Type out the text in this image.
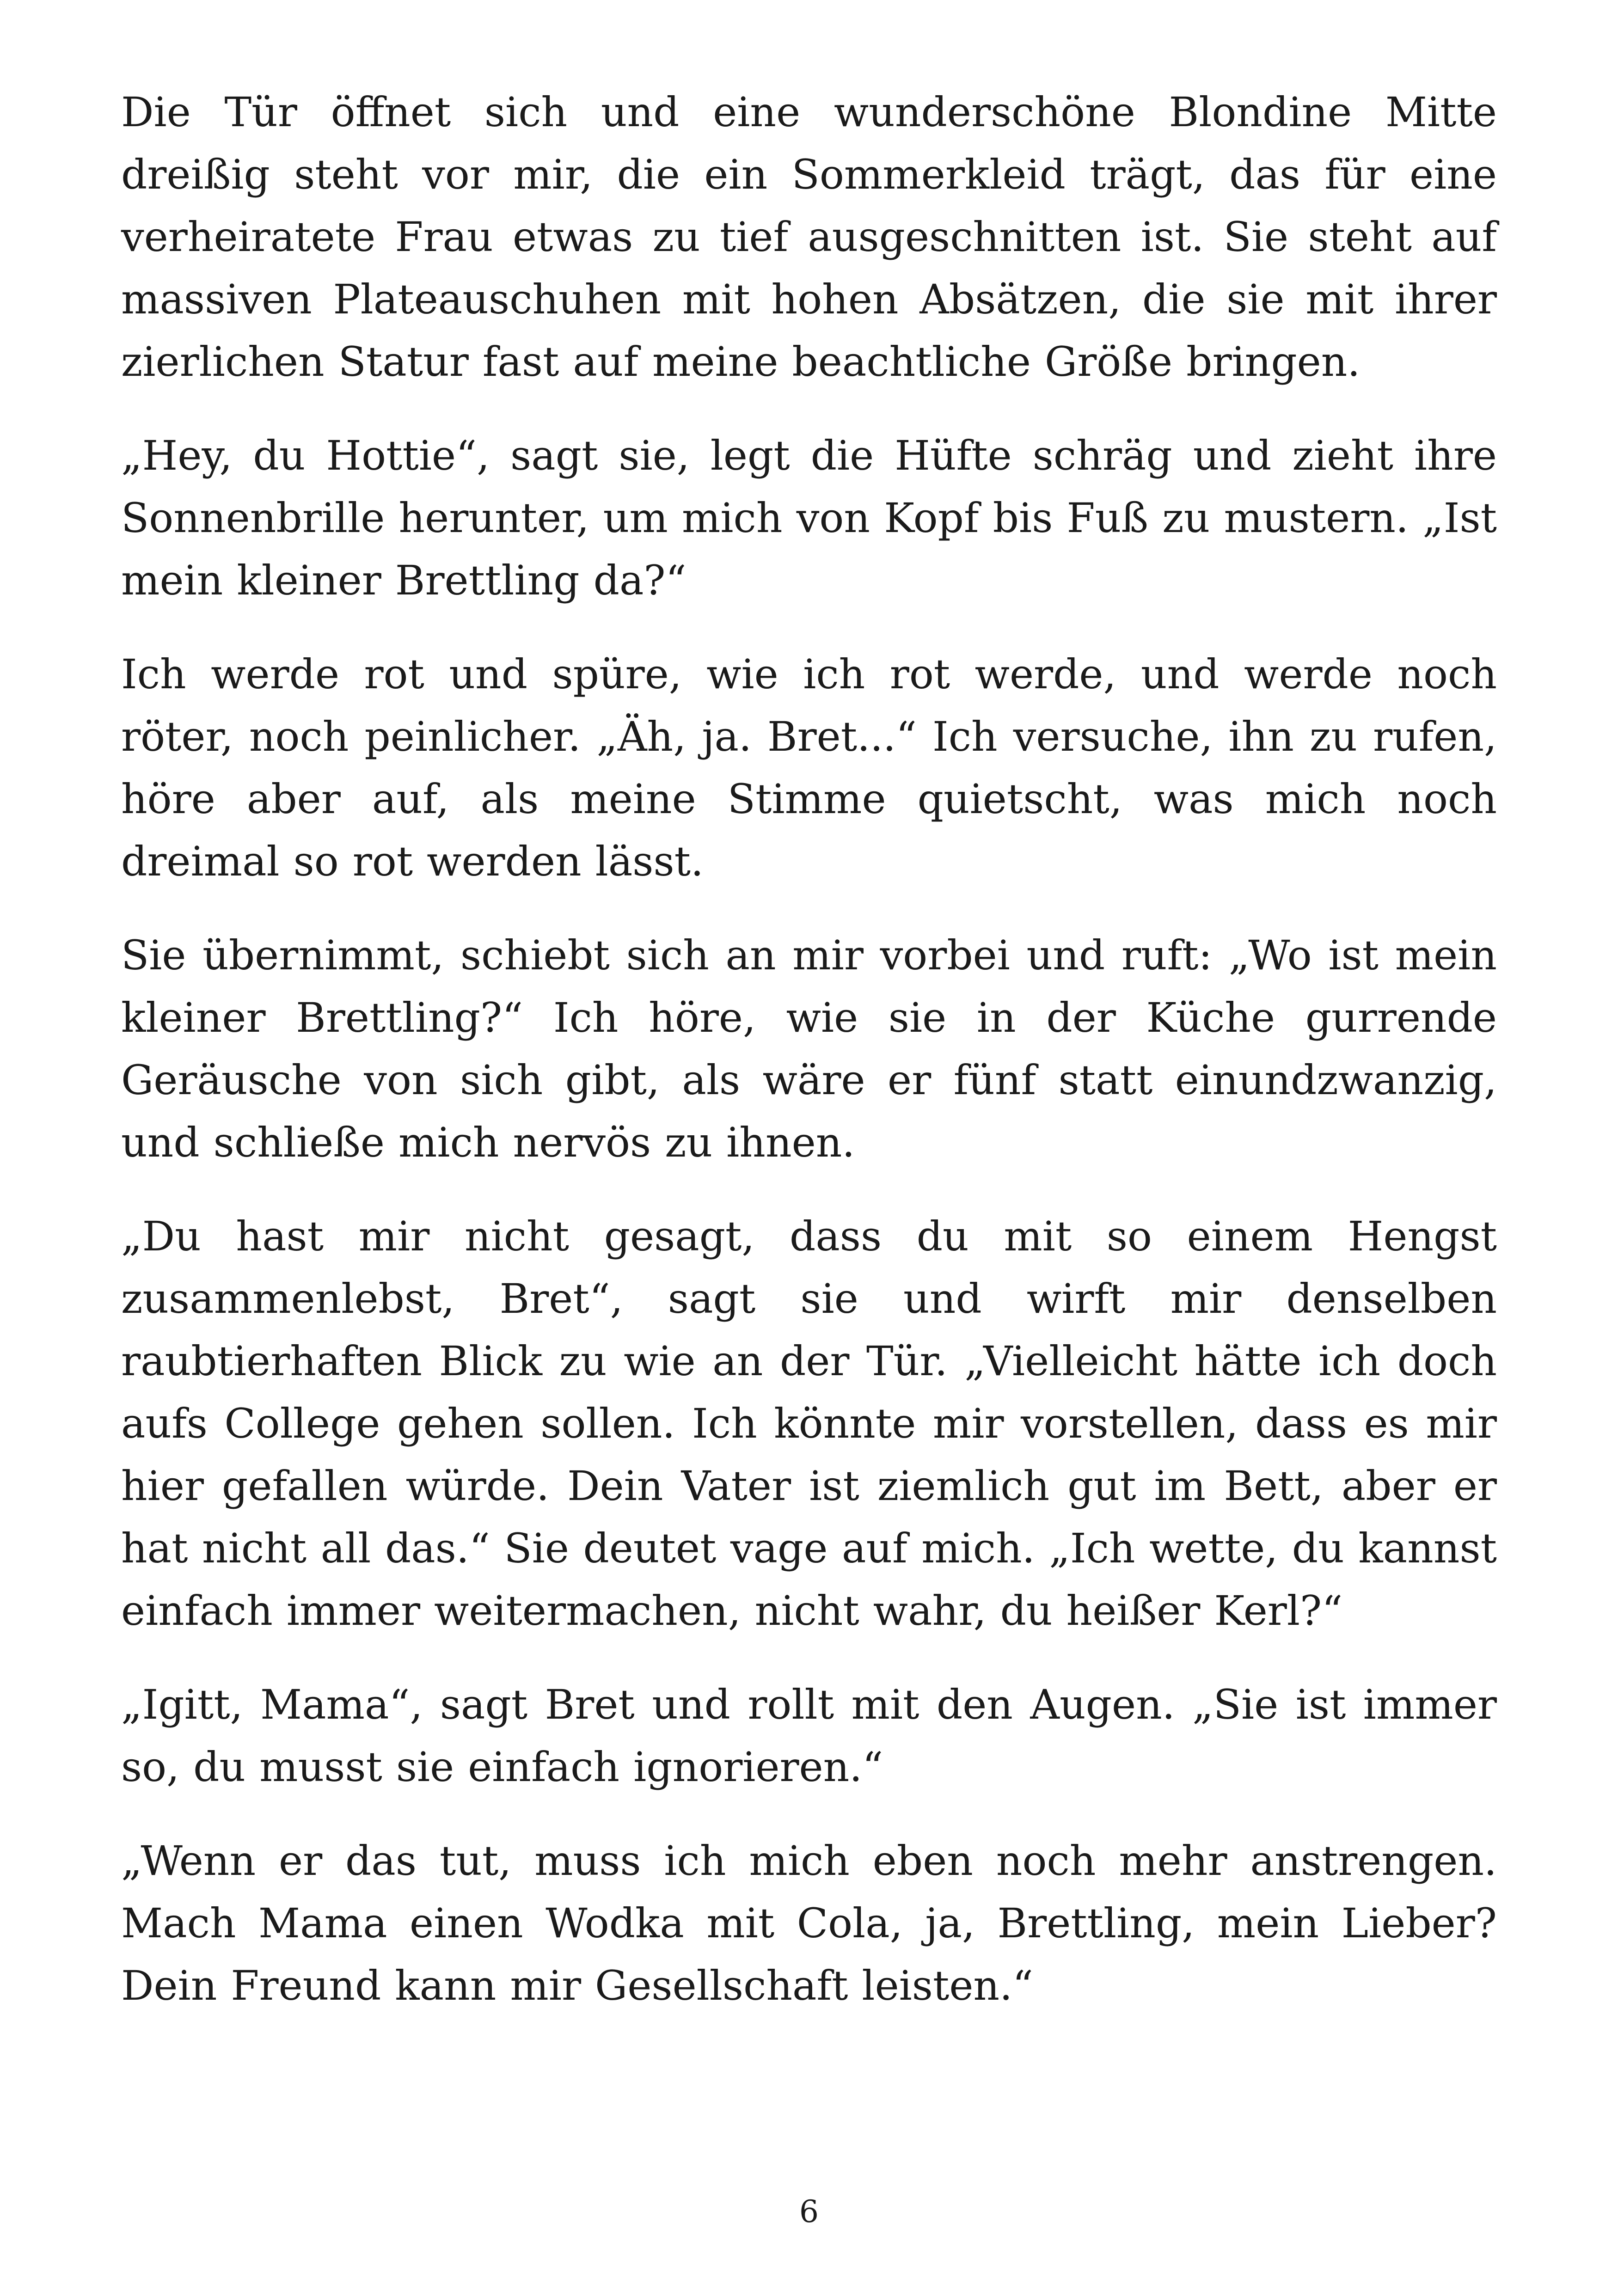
Die Tür öffnet sich und eine wunderschöne Blondine Mitte dreißig steht vor mir, die ein Sommerkleid trägt, das für eine verheiratete Frau etwas zu tief ausgeschnitten ist. Sie steht auf massiven Plateauschuhen mit hohen Absätzen, die sie mit ihrer zierlichen Statur fast auf meine beachtliche Größe bringen.

„Hey, du Hottie“, sagt sie, legt die Hüfte schräg und zieht ihre Sonnenbrille herunter, um mich von Kopf bis Fuß zu mustern. „Ist mein kleiner Brettling da?“

Ich werde rot und spüre, wie ich rot werde, und werde noch röter, noch peinlicher. „Äh, ja. Bret...“ Ich versuche, ihn zu rufen, höre aber auf, als meine Stimme quietscht, was mich noch dreimal so rot werden lässt.

Sie übernimmt, schiebt sich an mir vorbei und ruft: „Wo ist mein kleiner Brettling?“ Ich höre, wie sie in der Küche gurrende Geräusche von sich gibt, als wäre er fünf statt einundzwanzig, und schließe mich nervös zu ihnen.

„Du hast mir nicht gesagt, dass du mit so einem Hengst zusammenlebst, Bret“, sagt sie und wirft mir denselben raubtierhaften Blick zu wie an der Tür. „Vielleicht hätte ich doch aufs College gehen sollen. Ich könnte mir vorstellen, dass es mir hier gefallen würde. Dein Vater ist ziemlich gut im Bett, aber er hat nicht all das.“ Sie deutet vage auf mich. „Ich wette, du kannst einfach immer weitermachen, nicht wahr, du heißer Kerl?“

„Igitt, Mama“, sagt Bret und rollt mit den Augen. „Sie ist immer so, du musst sie einfach ignorieren.“

„Wenn er das tut, muss ich mich eben noch mehr anstrengen. Mach Mama einen Wodka mit Cola, ja, Brettling, mein Lieber? Dein Freund kann mir Gesellschaft leisten.“

6
